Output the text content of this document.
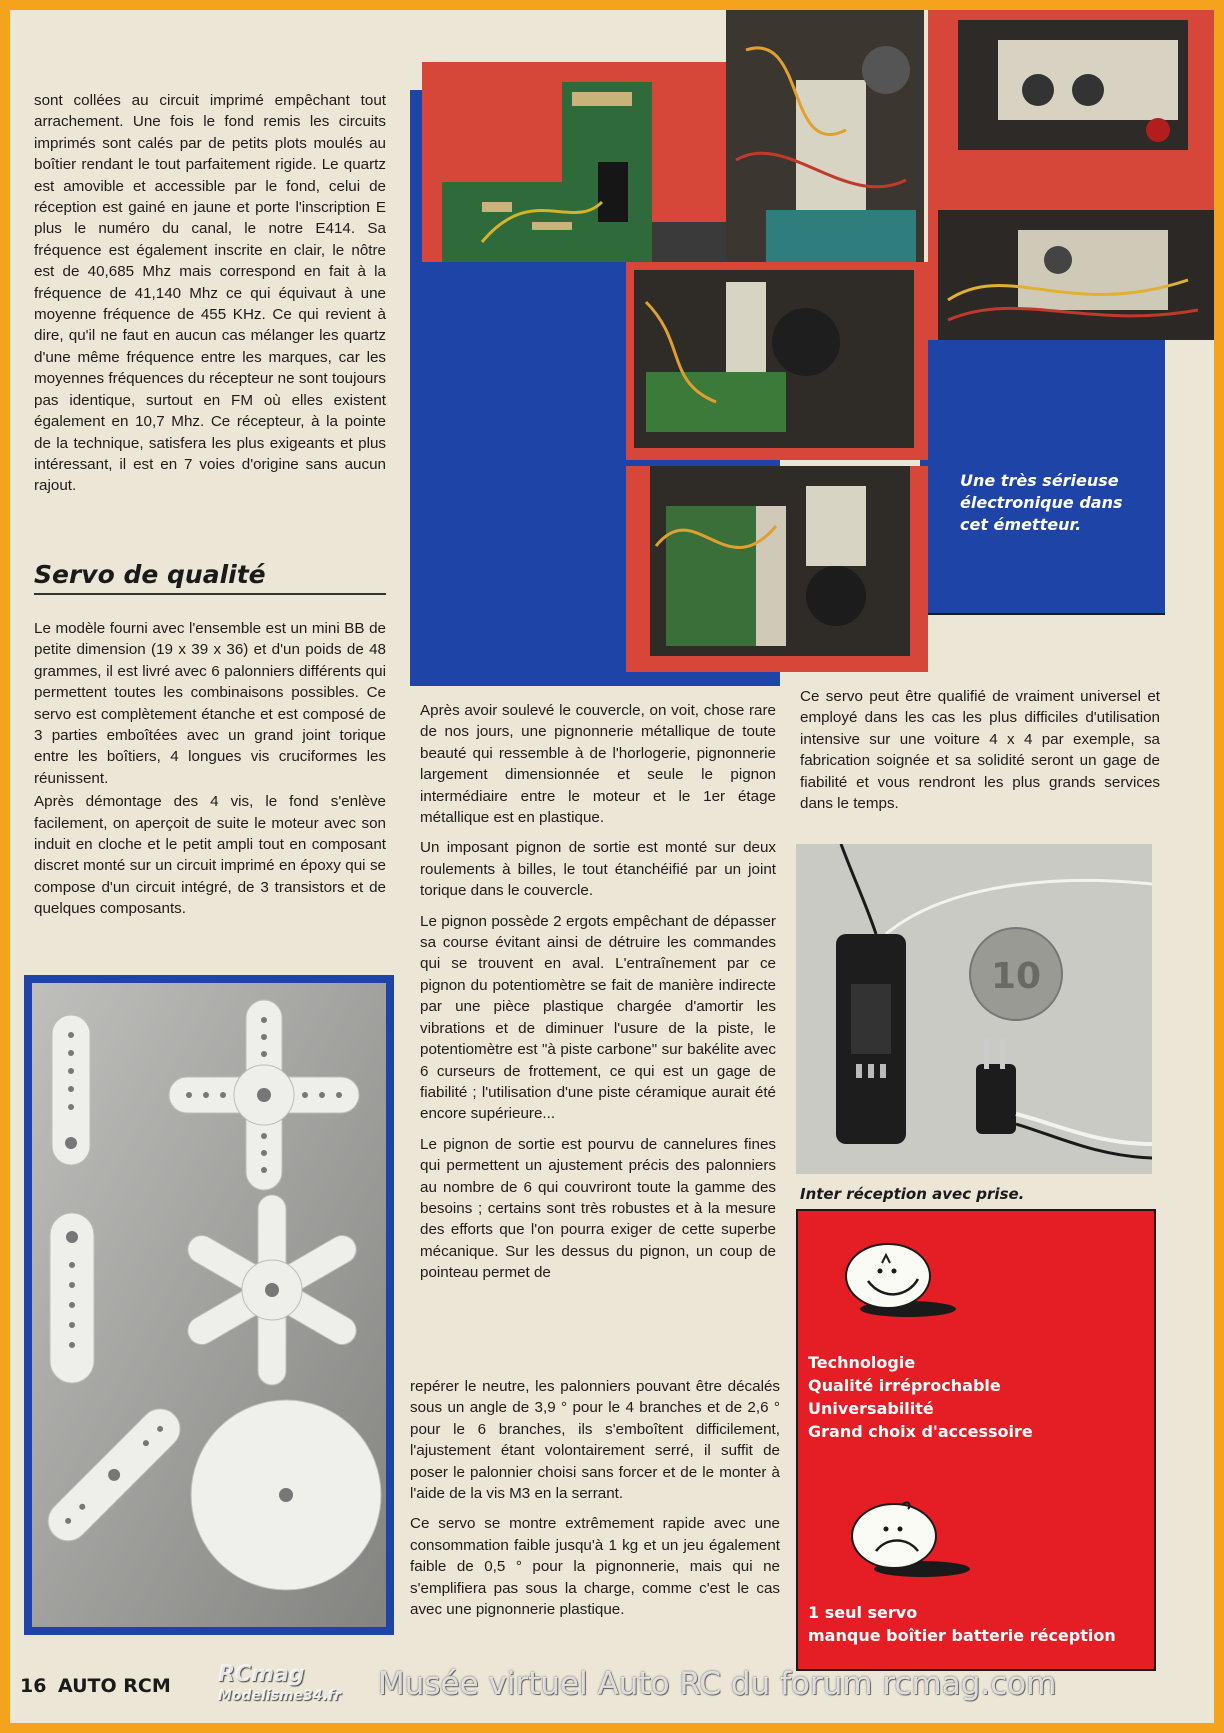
sont collées au circuit imprimé empêchant tout arrachement. Une fois le fond remis les circuits imprimés sont calés par de petits plots moulés au boîtier rendant le tout parfaitement rigide. Le quartz est amovible et accessible par le fond, celui de réception est gainé en jaune et porte l'inscription E plus le numéro du canal, le notre E414. Sa fréquence est également inscrite en clair, le nôtre est de 40,685 Mhz mais correspond en fait à la fréquence de 41,140 Mhz ce qui équivaut à une moyenne fréquence de 455 KHz. Ce qui revient à dire, qu'il ne faut en aucun cas mélanger les quartz d'une même fréquence entre les marques, car les moyennes fréquences du récepteur ne sont toujours pas identique, surtout en FM où elles existent également en 10,7 Mhz. Ce récepteur, à la pointe de la technique, satisfera les plus exigeants et plus intéressant, il est en 7 voies d'origine sans aucun rajout.

Servo de qualité

Le modèle fourni avec l'ensemble est un mini BB de petite dimension (19 x 39 x 36) et d'un poids de 48 grammes, il est livré avec 6 palonniers différents qui permettent toutes les combinaisons possibles. Ce servo est complètement étanche et est composé de 3 parties emboîtées avec un grand joint torique entre les boîtiers, 4 longues vis cruciformes les réunissent.

Après démontage des 4 vis, le fond s'enlève facilement, on aperçoit de suite le moteur avec son induit en cloche et le petit ampli tout en composant discret monté sur un circuit imprimé en époxy qui se compose d'un circuit intégré, de 3 transistors et de quelques composants.

Une très sérieuse électronique dans cet émetteur.

Après avoir soulevé le couvercle, on voit, chose rare de nos jours, une pignonnerie métallique de toute beauté qui ressemble à de l'horlogerie, pignonnerie largement dimensionnée et seule le pignon intermédiaire entre le moteur et le 1er étage métallique est en plastique.

Un imposant pignon de sortie est monté sur deux roulements à billes, le tout étanchéifié par un joint torique dans le couvercle.

Le pignon possède 2 ergots empêchant de dépasser sa course évitant ainsi de détruire les commandes qui se trouvent en aval. L'entraînement par ce pignon du potentiomètre se fait de manière indirecte par une pièce plastique chargée d'amortir les vibrations et de diminuer l'usure de la piste, le potentiomètre est "à piste carbone" sur bakélite avec 6 curseurs de frottement, ce qui est un gage de fiabilité ; l'utilisation d'une piste céramique aurait été encore supérieure...

Le pignon de sortie est pourvu de cannelures fines qui permettent un ajustement précis des palonniers au nombre de 6 qui couvriront toute la gamme des besoins ; certains sont très robustes et à la mesure des efforts que l'on pourra exiger de cette superbe mécanique. Sur les dessus du pignon, un coup de pointeau permet de

repérer le neutre, les palonniers pouvant être décalés sous un angle de 3,9 ° pour le 4 branches et de 2,6 ° pour le 6 branches, ils s'emboîtent difficilement, l'ajustement étant volontairement serré, il suffit de poser le palonnier choisi sans forcer et de le monter à l'aide de la vis M3 en la serrant.

Ce servo se montre extrêmement rapide avec une consommation faible jusqu'à 1 kg et un jeu également faible de 0,5 ° pour la pignonnerie, mais qui ne s'emplifiera pas sous la charge, comme c'est le cas avec une pignonnerie plastique.

Ce servo peut être qualifié de vraiment universel et employé dans les cas les plus difficiles d'utilisation intensive sur une voiture 4 x 4 par exemple, sa fabrication soignée et sa solidité seront un gage de fiabilité et vous rendront les plus grands services dans le temps.

10
Inter réception avec prise.
Technologie
Qualité irréprochable
Universabilité
Grand choix d'accessoire
1 seul servo
manque boîtier batterie réception
16 AUTO RCM RCmag
Modelisme34.fr Musée virtuel Auto RC du forum rcmag.com
